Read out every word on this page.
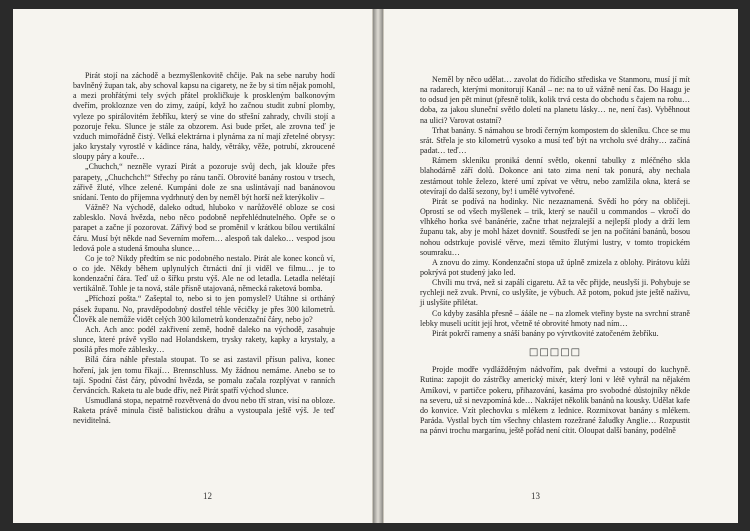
Pirát stojí na záchodě a bezmyšlenkovitě chčije. Pak na sebe naruby hodí bavlněný župan tak, aby schoval kapsu na cigarety, ne že by si tím nějak pomohl, a mezi prohřátými tely svých přátel prokličkuje k proskleným balkonovým dveřím, prokloznze ven do zimy, zaúpí, když ho začnou studit zubní plomby, vyleze po spirálovitém žebříku, který se vine do střešní zahrady, chvíli stojí a pozoruje řeku. Slunce je stále za obzorem. Asi bude pršet, ale zrovna teď je vzduch mimořádně čistý. Velká elektrárna i plynárna za ní mají zřetelné obrysy: jako krystaly vyrostlé v kádince rána, haldy, větráky, věže, potrubí, zkroucené sloupy páry a kouře…

„Chuchch,“ nezněle vyrazí Pirát a pozoruje svůj dech, jak klouže přes parapety, „Chuchchch!“ Střechy po ránu tančí. Obrovité banány rostou v trsech, zářivě žluté, vlhce zelené. Kumpáni dole ze sna uslintávají nad banánovou snídaní. Tento do příjemna vydrhnutý den by neměl být horší než kterýkoliv –

Vážně? Na východě, daleko odtud, hluboko v narůžovělé obloze se cosi zablesklo. Nová hvězda, nebo něco podobně nepřehlédnutelného. Opře se o parapet a začne jí pozorovat. Zářivý bod se proměnil v krátkou bílou vertikální čáru. Musí být někde nad Severním mořem… alespoň tak daleko… vespod jsou ledová pole a studená šmouha slunce…

Co je to? Nikdy předtím se nic podobného nestalo. Pirát ale konec konců ví, o co jde. Někdy během uplynulých čtrnácti dní ji viděl ve filmu… je to kondenzační čára. Teď už o šířku prstu výš. Ale ne od letadla. Letadla nelétají vertikálně. Tohle je ta nová, stále přísně utajovaná, německá raketová bomba.

„Příchozí pošta.“ Zašeptal to, nebo si to jen pomyslel? Utáhne si ortháný pásek županu. No, pravděpodobný dostřel téhle věcičky je přes 300 kilometrů. Člověk ale nemůže vidět celých 300 kilometrů kondenzační čáry, nebo jo?

Ach. Ach ano: podél zakřivení země, hodně daleko na východě, zasahuje slunce, které právě vyšlo nad Holandskem, trysky rakety, kapky a krystaly, a posílá přes moře záblesky…

Bílá čára náhle přestala stoupat. To se asi zastavil přísun paliva, konec hoření, jak jen tomu říkají… Brennschluss. My žádnou nemáme. Anebo se to tají. Spodní část čáry, původní hvězda, se pomalu začala rozplývat v ranních červáncích. Raketa tu ale bude dřív, než Pirát spatří východ slunce.

Usmudlaná stopa, nepatrně rozvětvená do dvou nebo tří stran, visí na obloze. Raketa právě minula čistě balistickou dráhu a vystoupala ještě výš. Je teď neviditelná.

12

Neměl by něco udělat… zavolat do řídícího střediska ve Stanmoru, musí jí mít na radarech, kterými monitorují Kanál – ne: na to už vážně není čas. Do Haagu je to odsud jen pět minut (přesně tolik, kolik trvá cesta do obchodu s čajem na rohu… doba, za jakou sluneční světlo doletí na planetu lásky… ne, není čas). Vyběhnout na ulici? Varovat ostatní?

Trhat banány. S námahou se brodí černým kompostem do skleníku. Chce se mu srát. Střela je sto kilometrů vysoko a musí teď být na vrcholu své dráhy… začíná padat… teď…

Rámem skleníku proniká denní světlo, okenní tabulky z mléčného skla blahodárně září dolů. Dokonce ani tato zima není tak ponurá, aby nechala zestárnout tohle železo, které umí zpívat ve větru, nebo zamlžila okna, která se otevírají do další sezony, by! i umělé vytvořené.

Pirát se podívá na hodinky. Nic nezaznamená. Svědí ho póry na obličeji. Oprostí se od všech myšlenek – trik, který se naučil u commandos – vkročí do vlhkého horka své banánérie, začne trhat nejzralejší a nejlepší plody a drží lem županu tak, aby je mohl házet dovnitř. Soustředí se jen na počítání banánů, bosou nohou odstrkuje povislé věrve, mezi těmito žlutými lustry, v tomto tropickém soumraku…

A znovu do zimy. Kondenzační stopa už úplně zmizela z oblohy. Pirátovu kůži pokrývá pot studený jako led.

Chvíli mu trvá, než si zapálí cigaretu. Až ta věc přijde, neuslyší ji. Pohybuje se rychleji než zvuk. První, co uslyšíte, je výbuch. Až potom, pokud jste ještě naživu, ji uslyšíte přilétat.

Co kdyby zasáhla přesně – ááále ne – na zlomek vteřiny byste na svrchní straně lebky museli ucítit její hrot, včetně té obrovité hmoty nad ním…

Pirát pokrčí rameny a snáší banány po výrvtkovité zatočeném žebříku.

□□□□□

Projde modře vydlážděným nádvořím, pak dveřmi a vstoupí do kuchyně. Rutina: zapojit do zástrčky americký mixér, který loni v létě vyhrál na nějakém Amíkovi, v partičce pokeru, přihazování, kasáma pro svobodné důstojníky někde na severu, už si nevzpomíná kde… Nakrájet několik banánů na kousky. Udělat kafe do konvice. Vzít plechovku s mlékem z lednice. Rozmixovat banány s mlékem. Paráda. Vystlal bych tím všechny chlastem rozežrané žaludky Anglie… Rozpustit na pánvi trochu margarínu, ještě pořád není cítit. Oloupat další banány, podélně

13
